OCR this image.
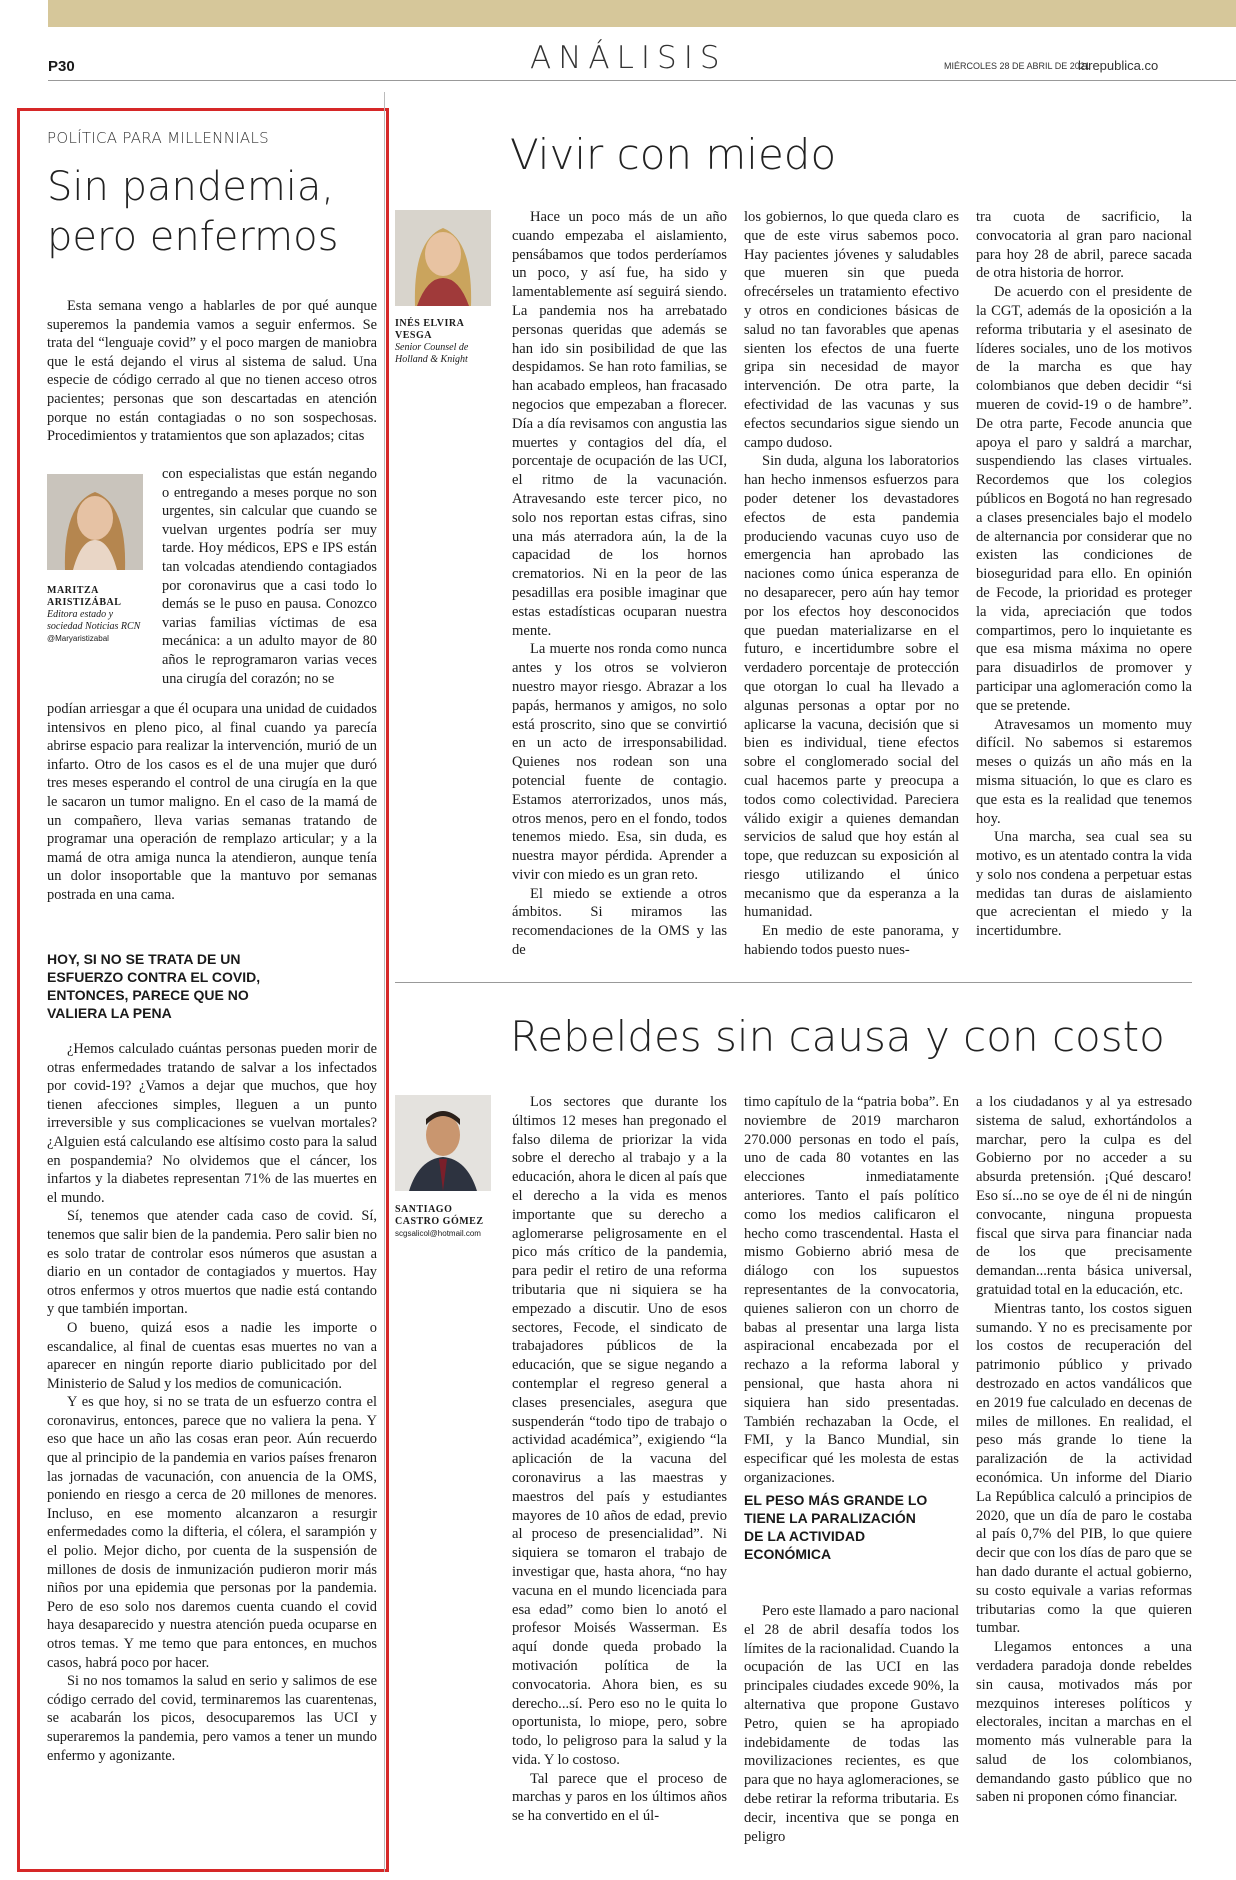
P30	ANÁLISIS	MIÉRCOLES 28 DE ABRIL DE 2021
larepublica.co
POLÍTICA PARA MILLENNIALS
Sin pandemia, pero enfermos

Esta semana vengo a hablarles de por qué aunque superemos la pandemia vamos a seguir enfermos. Se trata del “lenguaje covid” y el poco margen de maniobra que le está dejando el virus al sistema de salud. Una especie de código cerrado al que no tienen acceso otros pacientes; personas que son descartadas en atención porque no están contagiadas o no son sospechosas. Procedimientos y tratamientos que son aplazados; citas

MARITZA ARISTIZÁBAL
Editora estado y sociedad Noticias RCN
@Maryaristizabal

con especialistas que están negando o entregando a meses porque no son urgentes, sin calcular que cuando se vuelvan urgentes podría ser muy tarde. Hoy médicos, EPS e IPS están tan volcadas atendiendo contagiados por coronavirus que a casi todo lo demás se le puso en pausa. Conozco varias familias víctimas de esa mecánica: a un adulto mayor de 80 años le reprogramaron varias veces una cirugía del corazón; no se

podían arriesgar a que él ocupara una unidad de cuidados intensivos en pleno pico, al final cuando ya parecía abrirse espacio para realizar la intervención, murió de un infarto. Otro de los casos es el de una mujer que duró tres meses esperando el control de una cirugía en la que le sacaron un tumor maligno. En el caso de la mamá de un compañero, lleva varias semanas tratando de programar una operación de remplazo articular; y a la mamá de otra amiga nunca la atendieron, aunque tenía un dolor insoportable que la mantuvo por semanas postrada en una cama.

HOY, SI NO SE TRATA DE UN ESFUERZO CONTRA EL COVID, ENTONCES, PARECE QUE NO VALIERA LA PENA

¿Hemos calculado cuántas personas pueden morir de otras enfermedades tratando de salvar a los infectados por covid-19? ¿Vamos a dejar que muchos, que hoy tienen afecciones simples, lleguen a un punto irreversible y sus complicaciones se vuelvan mortales? ¿Alguien está calculando ese altísimo costo para la salud en pospandemia? No olvidemos que el cáncer, los infartos y la diabetes representan 71% de las muertes en el mundo.

Sí, tenemos que atender cada caso de covid. Sí, tenemos que salir bien de la pandemia. Pero salir bien no es solo tratar de controlar esos números que asustan a diario en un contador de contagiados y muertos. Hay otros enfermos y otros muertos que nadie está contando y que también importan.

O bueno, quizá esos a nadie les importe o escandalice, al final de cuentas esas muertes no van a aparecer en ningún reporte diario publicitado por del Ministerio de Salud y los medios de comunicación.

Y es que hoy, si no se trata de un esfuerzo contra el coronavirus, entonces, parece que no valiera la pena. Y eso que hace un año las cosas eran peor. Aún recuerdo que al principio de la pandemia en varios países frenaron las jornadas de vacunación, con anuencia de la OMS, poniendo en riesgo a cerca de 20 millones de menores. Incluso, en ese momento alcanzaron a resurgir enfermedades como la difteria, el cólera, el sarampión y el polio. Mejor dicho, por cuenta de la suspensión de millones de dosis de inmunización pudieron morir más niños por una epidemia que personas por la pandemia. Pero de eso solo nos daremos cuenta cuando el covid haya desaparecido y nuestra atención pueda ocuparse en otros temas. Y me temo que para entonces, en muchos casos, habrá poco por hacer.

Si no nos tomamos la salud en serio y salimos de ese código cerrado del covid, terminaremos las cuarentenas, se acabarán los picos, desocuparemos las UCI y superaremos la pandemia, pero vamos a tener un mundo enfermo y agonizante.

Vivir con miedo
INÉS ELVIRA VESGA
Senior Counsel de Holland & Knight

Hace un poco más de un año cuando empezaba el aislamiento, pensábamos que todos perderíamos un poco, y así fue, ha sido y lamentablemente así seguirá siendo. La pandemia nos ha arrebatado personas queridas que además se han ido sin posibilidad de que las despidamos. Se han roto familias, se han acabado empleos, han fracasado negocios que empezaban a florecer. Día a día revisamos con angustia las muertes y contagios del día, el porcentaje de ocupación de las UCI, el ritmo de la vacunación. Atravesando este tercer pico, no solo nos reportan estas cifras, sino una más aterradora aún, la de la capacidad de los hornos crematorios. Ni en la peor de las pesadillas era posible imaginar que estas estadísticas ocuparan nuestra mente.

La muerte nos ronda como nunca antes y los otros se volvieron nuestro mayor riesgo. Abrazar a los papás, hermanos y amigos, no solo está proscrito, sino que se convirtió en un acto de irresponsabilidad. Quienes nos rodean son una potencial fuente de contagio. Estamos aterrorizados, unos más, otros menos, pero en el fondo, todos tenemos miedo. Esa, sin duda, es nuestra mayor pérdida. Aprender a vivir con miedo es un gran reto.

El miedo se extiende a otros ámbitos. Si miramos las recomendaciones de la OMS y las de

los gobiernos, lo que queda claro es que de este virus sabemos poco. Hay pacientes jóvenes y saludables que mueren sin que pueda ofrecérseles un tratamiento efectivo y otros en condiciones básicas de salud no tan favorables que apenas sienten los efectos de una fuerte gripa sin necesidad de mayor intervención. De otra parte, la efectividad de las vacunas y sus efectos secundarios sigue siendo un campo dudoso.

Sin duda, alguna los laboratorios han hecho inmensos esfuerzos para poder detener los devastadores efectos de esta pandemia produciendo vacunas cuyo uso de emergencia han aprobado las naciones como única esperanza de no desaparecer, pero aún hay temor por los efectos hoy desconocidos que puedan materializarse en el futuro, e incertidumbre sobre el verdadero porcentaje de protección que otorgan lo cual ha llevado a algunas personas a optar por no aplicarse la vacuna, decisión que si bien es individual, tiene efectos sobre el conglomerado social del cual hacemos parte y preocupa a todos como colectividad. Pareciera válido exigir a quienes demandan servicios de salud que hoy están al tope, que reduzcan su exposición al riesgo utilizando el único mecanismo que da esperanza a la humanidad.

En medio de este panorama, y habiendo todos puesto nues-

tra cuota de sacrificio, la convocatoria al gran paro nacional para hoy 28 de abril, parece sacada de otra historia de horror.

De acuerdo con el presidente de la CGT, además de la oposición a la reforma tributaria y el asesinato de líderes sociales, uno de los motivos de la marcha es que hay colombianos que deben decidir “si mueren de covid-19 o de hambre”. De otra parte, Fecode anuncia que apoya el paro y saldrá a marchar, suspendiendo las clases virtuales. Recordemos que los colegios públicos en Bogotá no han regresado a clases presenciales bajo el modelo de alternancia por considerar que no existen las condiciones de bioseguridad para ello. En opinión de Fecode, la prioridad es proteger la vida, apreciación que todos compartimos, pero lo inquietante es que esa misma máxima no opere para disuadirlos de promover y participar una aglomeración como la que se pretende.

Atravesamos un momento muy difícil. No sabemos si estaremos meses o quizás un año más en la misma situación, lo que es claro es que esta es la realidad que tenemos hoy.

Una marcha, sea cual sea su motivo, es un atentado contra la vida y solo nos condena a perpetuar estas medidas tan duras de aislamiento que acrecientan el miedo y la incertidumbre.

Rebeldes sin causa y con costo
SANTIAGO CASTRO GÓMEZ
scgsalicol@hotmail.com

Los sectores que durante los últimos 12 meses han pregonado el falso dilema de priorizar la vida sobre el derecho al trabajo y a la educación, ahora le dicen al país que el derecho a la vida es menos importante que su derecho a aglomerarse peligrosamente en el pico más crítico de la pandemia, para pedir el retiro de una reforma tributaria que ni siquiera se ha empezado a discutir. Uno de esos sectores, Fecode, el sindicato de trabajadores públicos de la educación, que se sigue negando a contemplar el regreso general a clases presenciales, asegura que suspenderán “todo tipo de trabajo o actividad académica”, exigiendo “la aplicación de la vacuna del coronavirus a las maestras y maestros del país y estudiantes mayores de 10 años de edad, previo al proceso de presencialidad”. Ni siquiera se tomaron el trabajo de investigar que, hasta ahora, “no hay vacuna en el mundo licenciada para esa edad” como bien lo anotó el profesor Moisés Wasserman. Es aquí donde queda probado la motivación política de la convocatoria. Ahora bien, es su derecho...sí. Pero eso no le quita lo oportunista, lo miope, pero, sobre todo, lo peligroso para la salud y la vida. Y lo costoso.

Tal parece que el proceso de marchas y paros en los últimos años se ha convertido en el úl-

timo capítulo de la “patria boba”. En noviembre de 2019 marcharon 270.000 personas en todo el país, uno de cada 80 votantes en las elecciones inmediatamente anteriores. Tanto el país político como los medios calificaron el hecho como trascendental. Hasta el mismo Gobierno abrió mesa de diálogo con los supuestos representantes de la convocatoria, quienes salieron con un chorro de babas al presentar una larga lista aspiracional encabezada por el rechazo a la reforma laboral y pensional, que hasta ahora ni siquiera han sido presentadas. También rechazaban la Ocde, el FMI, y la Banco Mundial, sin especificar qué les molesta de estas organizaciones.

EL PESO MÁS GRANDE LO TIENE LA PARALIZACIÓN DE LA ACTIVIDAD ECONÓMICA

Pero este llamado a paro nacional el 28 de abril desafía todos los límites de la racionalidad. Cuando la ocupación de las UCI en las principales ciudades excede 90%, la alternativa que propone Gustavo Petro, quien se ha apropiado indebidamente de todas las movilizaciones recientes, es que para que no haya aglomeraciones, se debe retirar la reforma tributaria. Es decir, incentiva que se ponga en peligro

a los ciudadanos y al ya estresado sistema de salud, exhortándolos a marchar, pero la culpa es del Gobierno por no acceder a su absurda pretensión. ¡Qué descaro! Eso sí...no se oye de él ni de ningún convocante, ninguna propuesta fiscal que sirva para financiar nada de los que precisamente demandan...renta básica universal, gratuidad total en la educación, etc.

Mientras tanto, los costos siguen sumando. Y no es precisamente por los costos de recuperación del patrimonio público y privado destrozado en actos vandálicos que en 2019 fue calculado en decenas de miles de millones. En realidad, el peso más grande lo tiene la paralización de la actividad económica. Un informe del Diario La República calculó a principios de 2020, que un día de paro le costaba al país 0,7% del PIB, lo que quiere decir que con los días de paro que se han dado durante el actual gobierno, su costo equivale a varias reformas tributarias como la que quieren tumbar.

Llegamos entonces a una verdadera paradoja donde rebeldes sin causa, motivados más por mezquinos intereses políticos y electorales, incitan a marchas en el momento más vulnerable para la salud de los colombianos, demandando gasto público que no saben ni proponen cómo financiar.
